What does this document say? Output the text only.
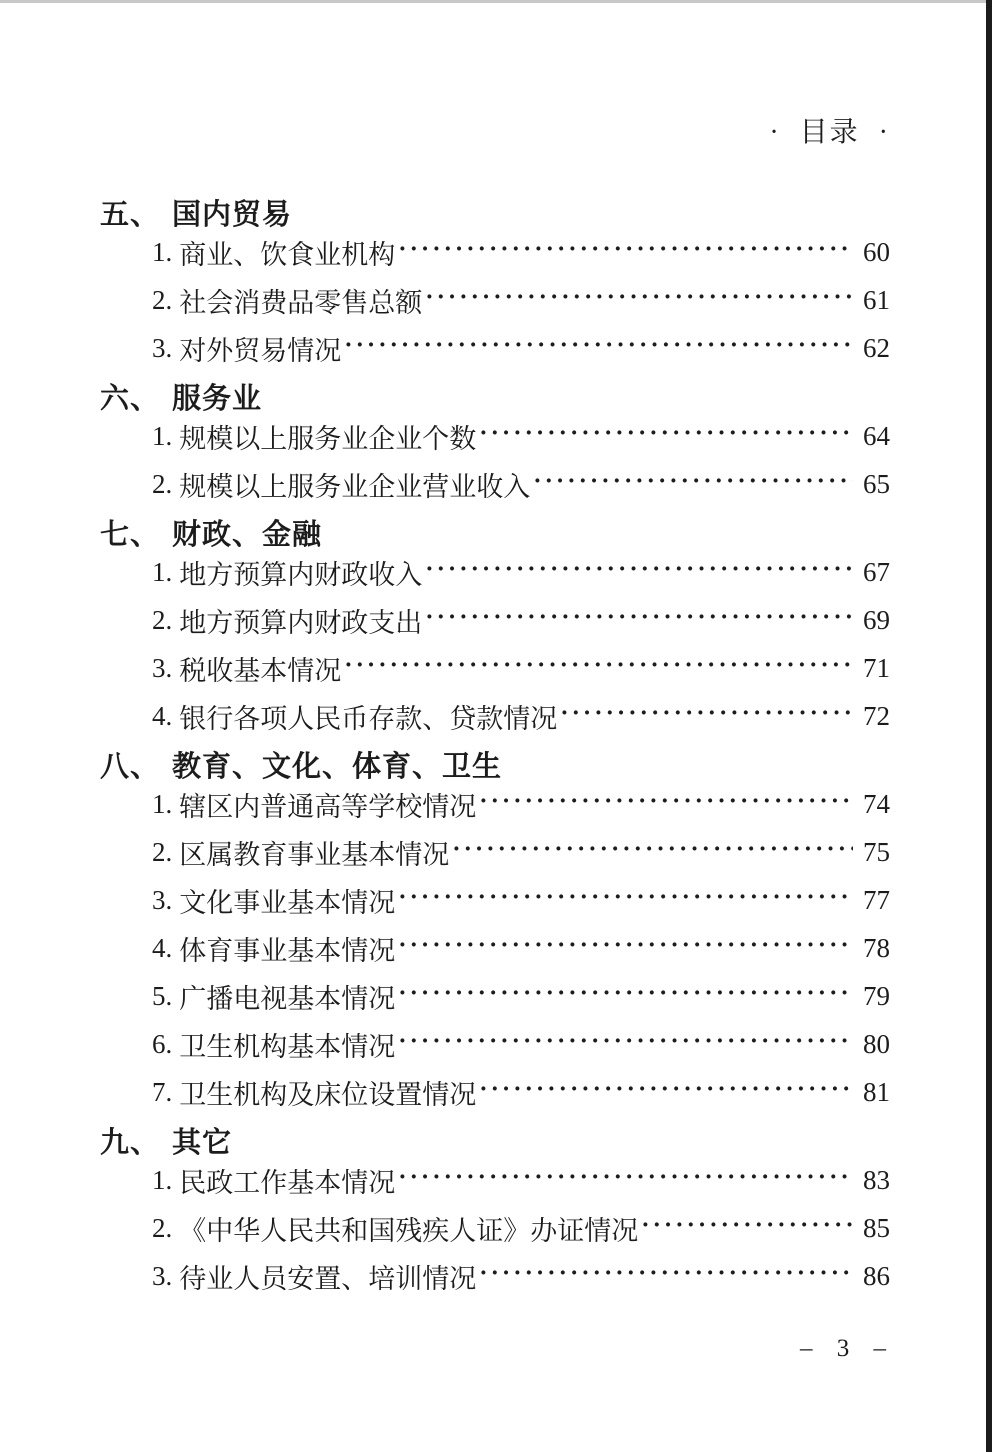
· 目录 ·
五、 国内贸易
1. 商业、饮食业机构 ·····	60
2. 社会消费品零售总额 ·····	61
3. 对外贸易情况 ·····	62
六、 服务业
1. 规模以上服务业企业个数 ·····	64
2. 规模以上服务业企业营业收入 ·····	65
七、 财政、金融
1. 地方预算内财政收入 ·····	67
2. 地方预算内财政支出 ·····	69
3. 税收基本情况 ·····	71
4. 银行各项人民币存款、贷款情况 ·····	72
八、 教育、文化、体育、卫生
1. 辖区内普通高等学校情况 ·····	74
2. 区属教育事业基本情况 ·····	75
3. 文化事业基本情况 ·····	77
4. 体育事业基本情况 ·····	78
5. 广播电视基本情况 ·····	79
6. 卫生机构基本情况 ·····	80
7. 卫生机构及床位设置情况 ·····	81
九、 其它
1. 民政工作基本情况 ·····	83
2. 《中华人民共和国残疾人证》办证情况 ·····	85
3. 待业人员安置、培训情况 ·····	86
– 3 –
